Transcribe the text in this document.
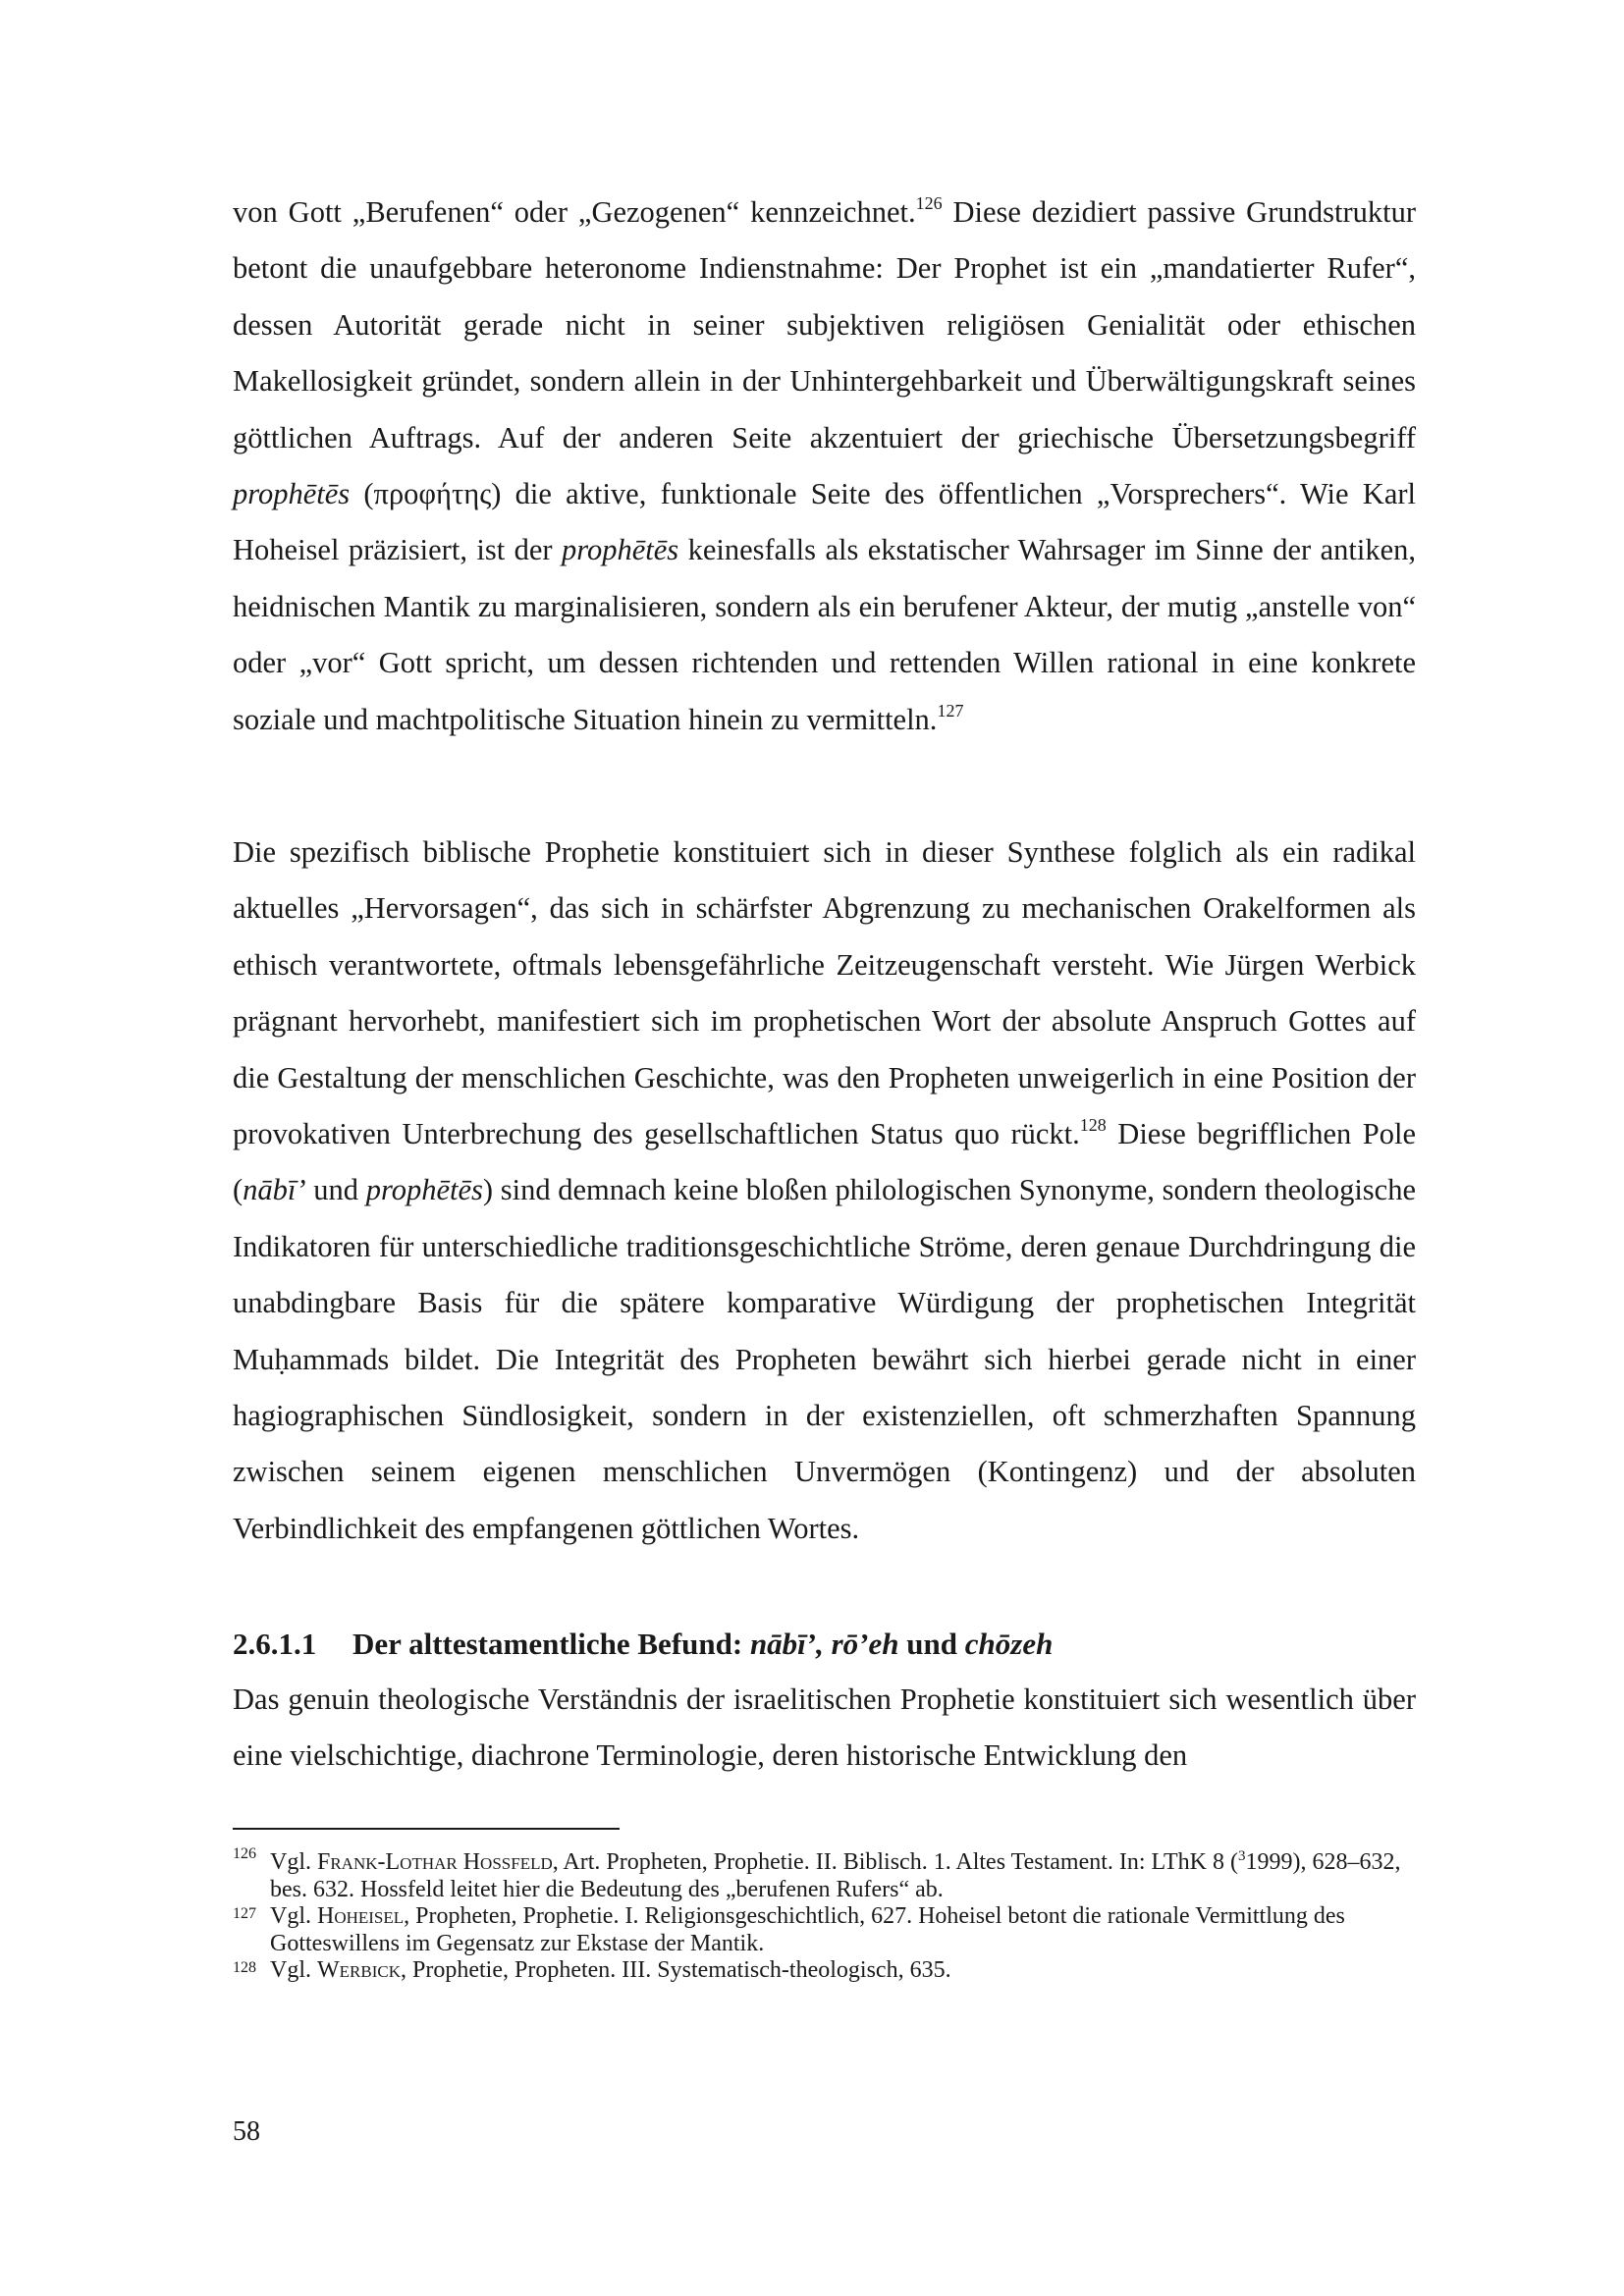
von Gott „Berufenen“ oder „Gezogenen“ kennzeichnet.$^{126}$ Diese dezidiert passive Grundstruktur betont die unaufgebbare heteronome Indienstnahme: Der Prophet ist ein „mandatierter Rufer“, dessen Autorität gerade nicht in seiner subjektiven religiösen Genialität oder ethischen Makellosigkeit gründet, sondern allein in der Unhintergehbarkeit und Überwältigungskraft seines göttlichen Auftrags. Auf der anderen Seite akzentuiert der griechische Übersetzungsbegriff prophētēs (προφήτης) die aktive, funktionale Seite des öffentlichen „Vorsprechers“. Wie Karl Hoheisel präzisiert, ist der prophētēs keinesfalls als ekstatischer Wahrsager im Sinne der antiken, heidnischen Mantik zu marginalisieren, sondern als ein berufener Akteur, der mutig „anstelle von“ oder „vor“ Gott spricht, um dessen richtenden und rettenden Willen rational in eine konkrete soziale und machtpolitische Situation hinein zu vermitteln.$^{127}$

Die spezifisch biblische Prophetie konstituiert sich in dieser Synthese folglich als ein radikal aktuelles „Hervorsagen“, das sich in schärfster Abgrenzung zu mechanischen Orakelformen als ethisch verantwortete, oftmals lebensgefährliche Zeitzeugenschaft versteht. Wie Jürgen Werbick prägnant hervorhebt, manifestiert sich im prophetischen Wort der absolute Anspruch Gottes auf die Gestaltung der menschlichen Geschichte, was den Propheten unweigerlich in eine Position der provokativen Unterbrechung des gesellschaftlichen Status quo rückt.$^{128}$ Diese begrifflichen Pole (nābī’ und prophētēs) sind demnach keine bloßen philologischen Synonyme, sondern theologische Indikatoren für unterschiedliche traditionsgeschichtliche Ströme, deren genaue Durchdringung die unabdingbare Basis für die spätere komparative Würdigung der prophetischen Integrität Muḥammads bildet. Die Integrität des Propheten bewährt sich hierbei gerade nicht in einer hagiographischen Sündlosigkeit, sondern in der existenziellen, oft schmerzhaften Spannung zwischen seinem eigenen menschlichen Unvermögen (Kontingenz) und der absoluten Verbindlichkeit des empfangenen göttlichen Wortes.

2.6.1.1 Der alttestamentliche Befund: nābī’, rō’eh und chōzeh

Das genuin theologische Verständnis der israelitischen Prophetie konstituiert sich wesentlich über eine vielschichtige, diachrone Terminologie, deren historische Entwicklung den

126 Vgl. Frank-Lothar Hossfeld, Art. Propheten, Prophetie. II. Biblisch. 1. Altes Testament. In: LThK 8 ($^3$1999), 628–632, bes. 632. Hossfeld leitet hier die Bedeutung des „berufenen Rufers“ ab.

127 Vgl. Hoheisel, Propheten, Prophetie. I. Religionsgeschichtlich, 627. Hoheisel betont die rationale Vermittlung des Gotteswillens im Gegensatz zur Ekstase der Mantik.

128 Vgl. Werbick, Prophetie, Propheten. III. Systematisch-theologisch, 635.

58
